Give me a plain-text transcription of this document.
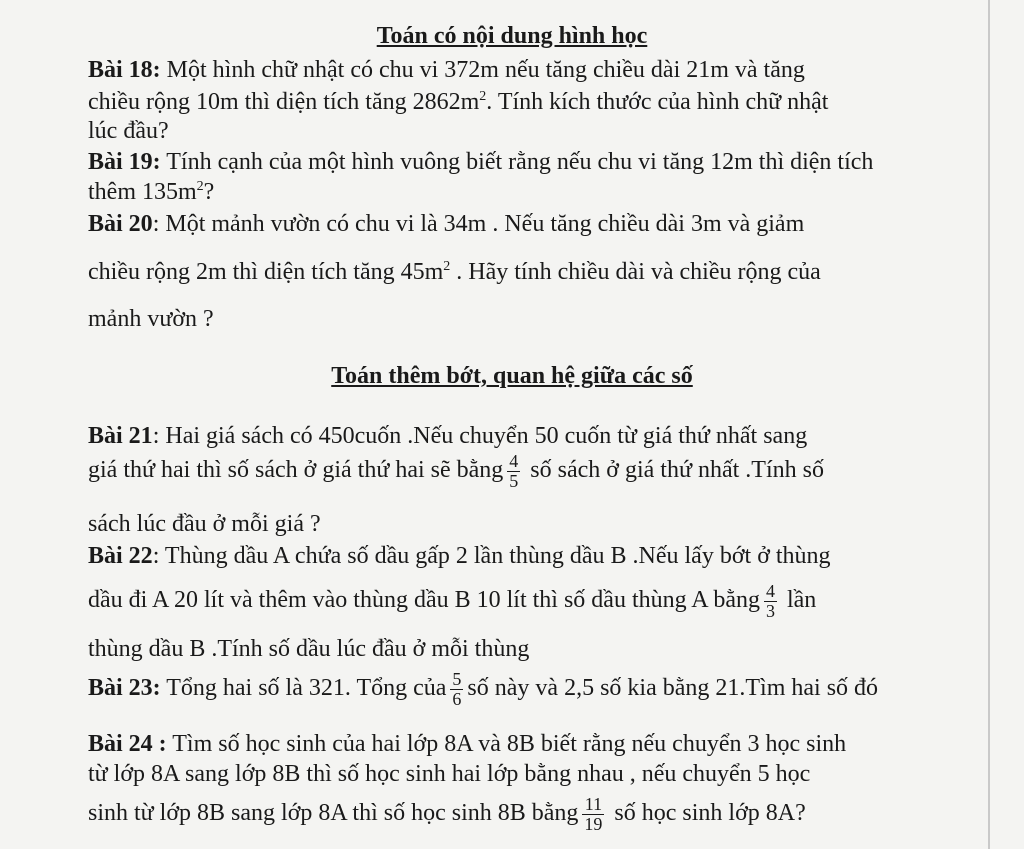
Toán có nội dung hình học
Bài 18: Một hình chữ nhật có chu vi 372m nếu tăng chiều dài 21m và tăng
chiều rộng 10m thì diện tích tăng $2862m^2$. Tính kích thước của hình chữ nhật
lúc đầu?
Bài 19: Tính cạnh của một hình vuông biết rằng nếu chu vi tăng 12m thì diện tích
thêm $135m^2$?
Bài 20: Một mảnh vườn có chu vi là 34m . Nếu tăng chiều dài 3m và giảm
chiều rộng 2m thì diện tích tăng $45m^2$ . Hãy tính chiều dài và chiều rộng của
mảnh vườn ?
Toán thêm bớt, quan hệ giữa các số
Bài 21: Hai giá sách có 450cuốn .Nếu chuyển 50 cuốn từ giá thứ nhất sang
giá thứ hai thì số sách ở giá thứ hai sẽ bằng $\frac{4}{5}$ số sách ở giá thứ nhất .Tính số
sách lúc đầu ở mỗi giá ?
Bài 22: Thùng dầu A chứa số dầu gấp 2 lần thùng dầu B .Nếu lấy bớt ở thùng
dầu đi A 20 lít và thêm vào thùng dầu B 10 lít thì số dầu thùng A bằng $\frac{4}{3}$ lần
thùng dầu B .Tính số dầu lúc đầu ở mỗi thùng
Bài 23: Tổng hai số là 321. Tổng của $\frac{5}{6}$ số này và 2,5 số kia bằng 21.Tìm hai số đó
Bài 24 : Tìm số học sinh của hai lớp 8A và 8B biết rằng nếu chuyển 3 học sinh
từ lớp 8A sang lớp 8B thì số học sinh hai lớp bằng nhau , nếu chuyển 5 học
sinh từ lớp 8B sang lớp 8A thì số học sinh 8B bằng $\frac{11}{19}$ số học sinh lớp 8A?
